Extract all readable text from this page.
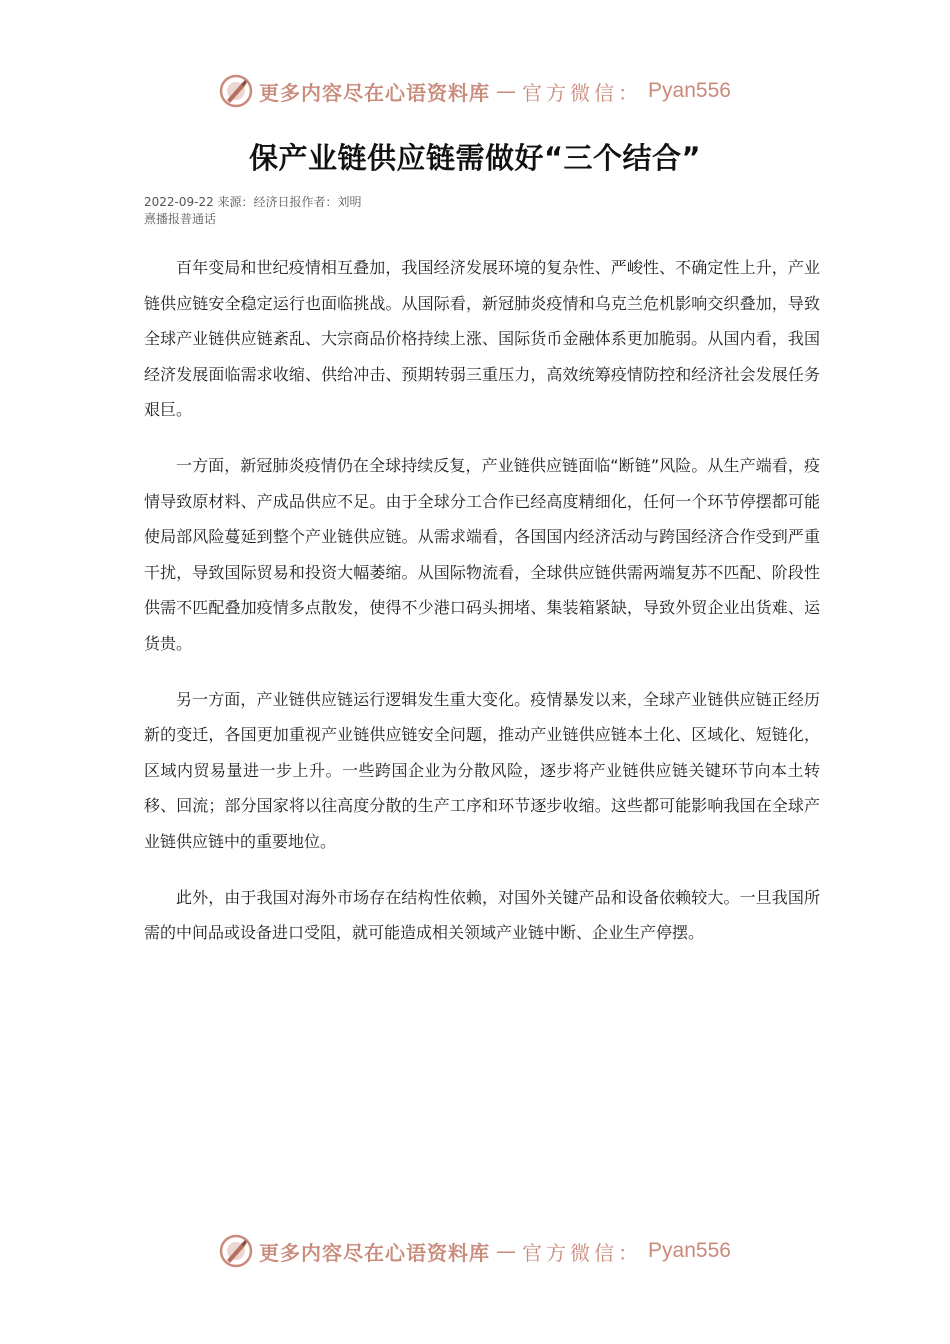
更多内容尽在心语资料库 — 官方微信： Pyan556
保产业链供应链需做好“三个结合”
2022-09-22 来源：经济日报作者：刘明
熹播报普通话

百年变局和世纪疫情相互叠加，我国经济发展环境的复杂性、严峻性、不确定性上升，产业链供应链安全稳定运行也面临挑战。从国际看，新冠肺炎疫情和乌克兰危机影响交织叠加，导致全球产业链供应链紊乱、大宗商品价格持续上涨、国际货币金融体系更加脆弱。从国内看，我国经济发展面临需求收缩、供给冲击、预期转弱三重压力，高效统筹疫情防控和经济社会发展任务艰巨。

一方面，新冠肺炎疫情仍在全球持续反复，产业链供应链面临“断链”风险。从生产端看，疫情导致原材料、产成品供应不足。由于全球分工合作已经高度精细化，任何一个环节停摆都可能使局部风险蔓延到整个产业链供应链。从需求端看，各国国内经济活动与跨国经济合作受到严重干扰，导致国际贸易和投资大幅萎缩。从国际物流看，全球供应链供需两端复苏不匹配、阶段性供需不匹配叠加疫情多点散发，使得不少港口码头拥堵、集装箱紧缺，导致外贸企业出货难、运货贵。

另一方面，产业链供应链运行逻辑发生重大变化。疫情暴发以来，全球产业链供应链正经历新的变迁，各国更加重视产业链供应链安全问题，推动产业链供应链本土化、区域化、短链化，区域内贸易量进一步上升。一些跨国企业为分散风险，逐步将产业链供应链关键环节向本土转移、回流；部分国家将以往高度分散的生产工序和环节逐步收缩。这些都可能影响我国在全球产业链供应链中的重要地位。

此外，由于我国对海外市场存在结构性依赖，对国外关键产品和设备依赖较大。一旦我国所需的中间品或设备进口受阻，就可能造成相关领域产业链中断、企业生产停摆。

更多内容尽在心语资料库 — 官方微信： Pyan556
